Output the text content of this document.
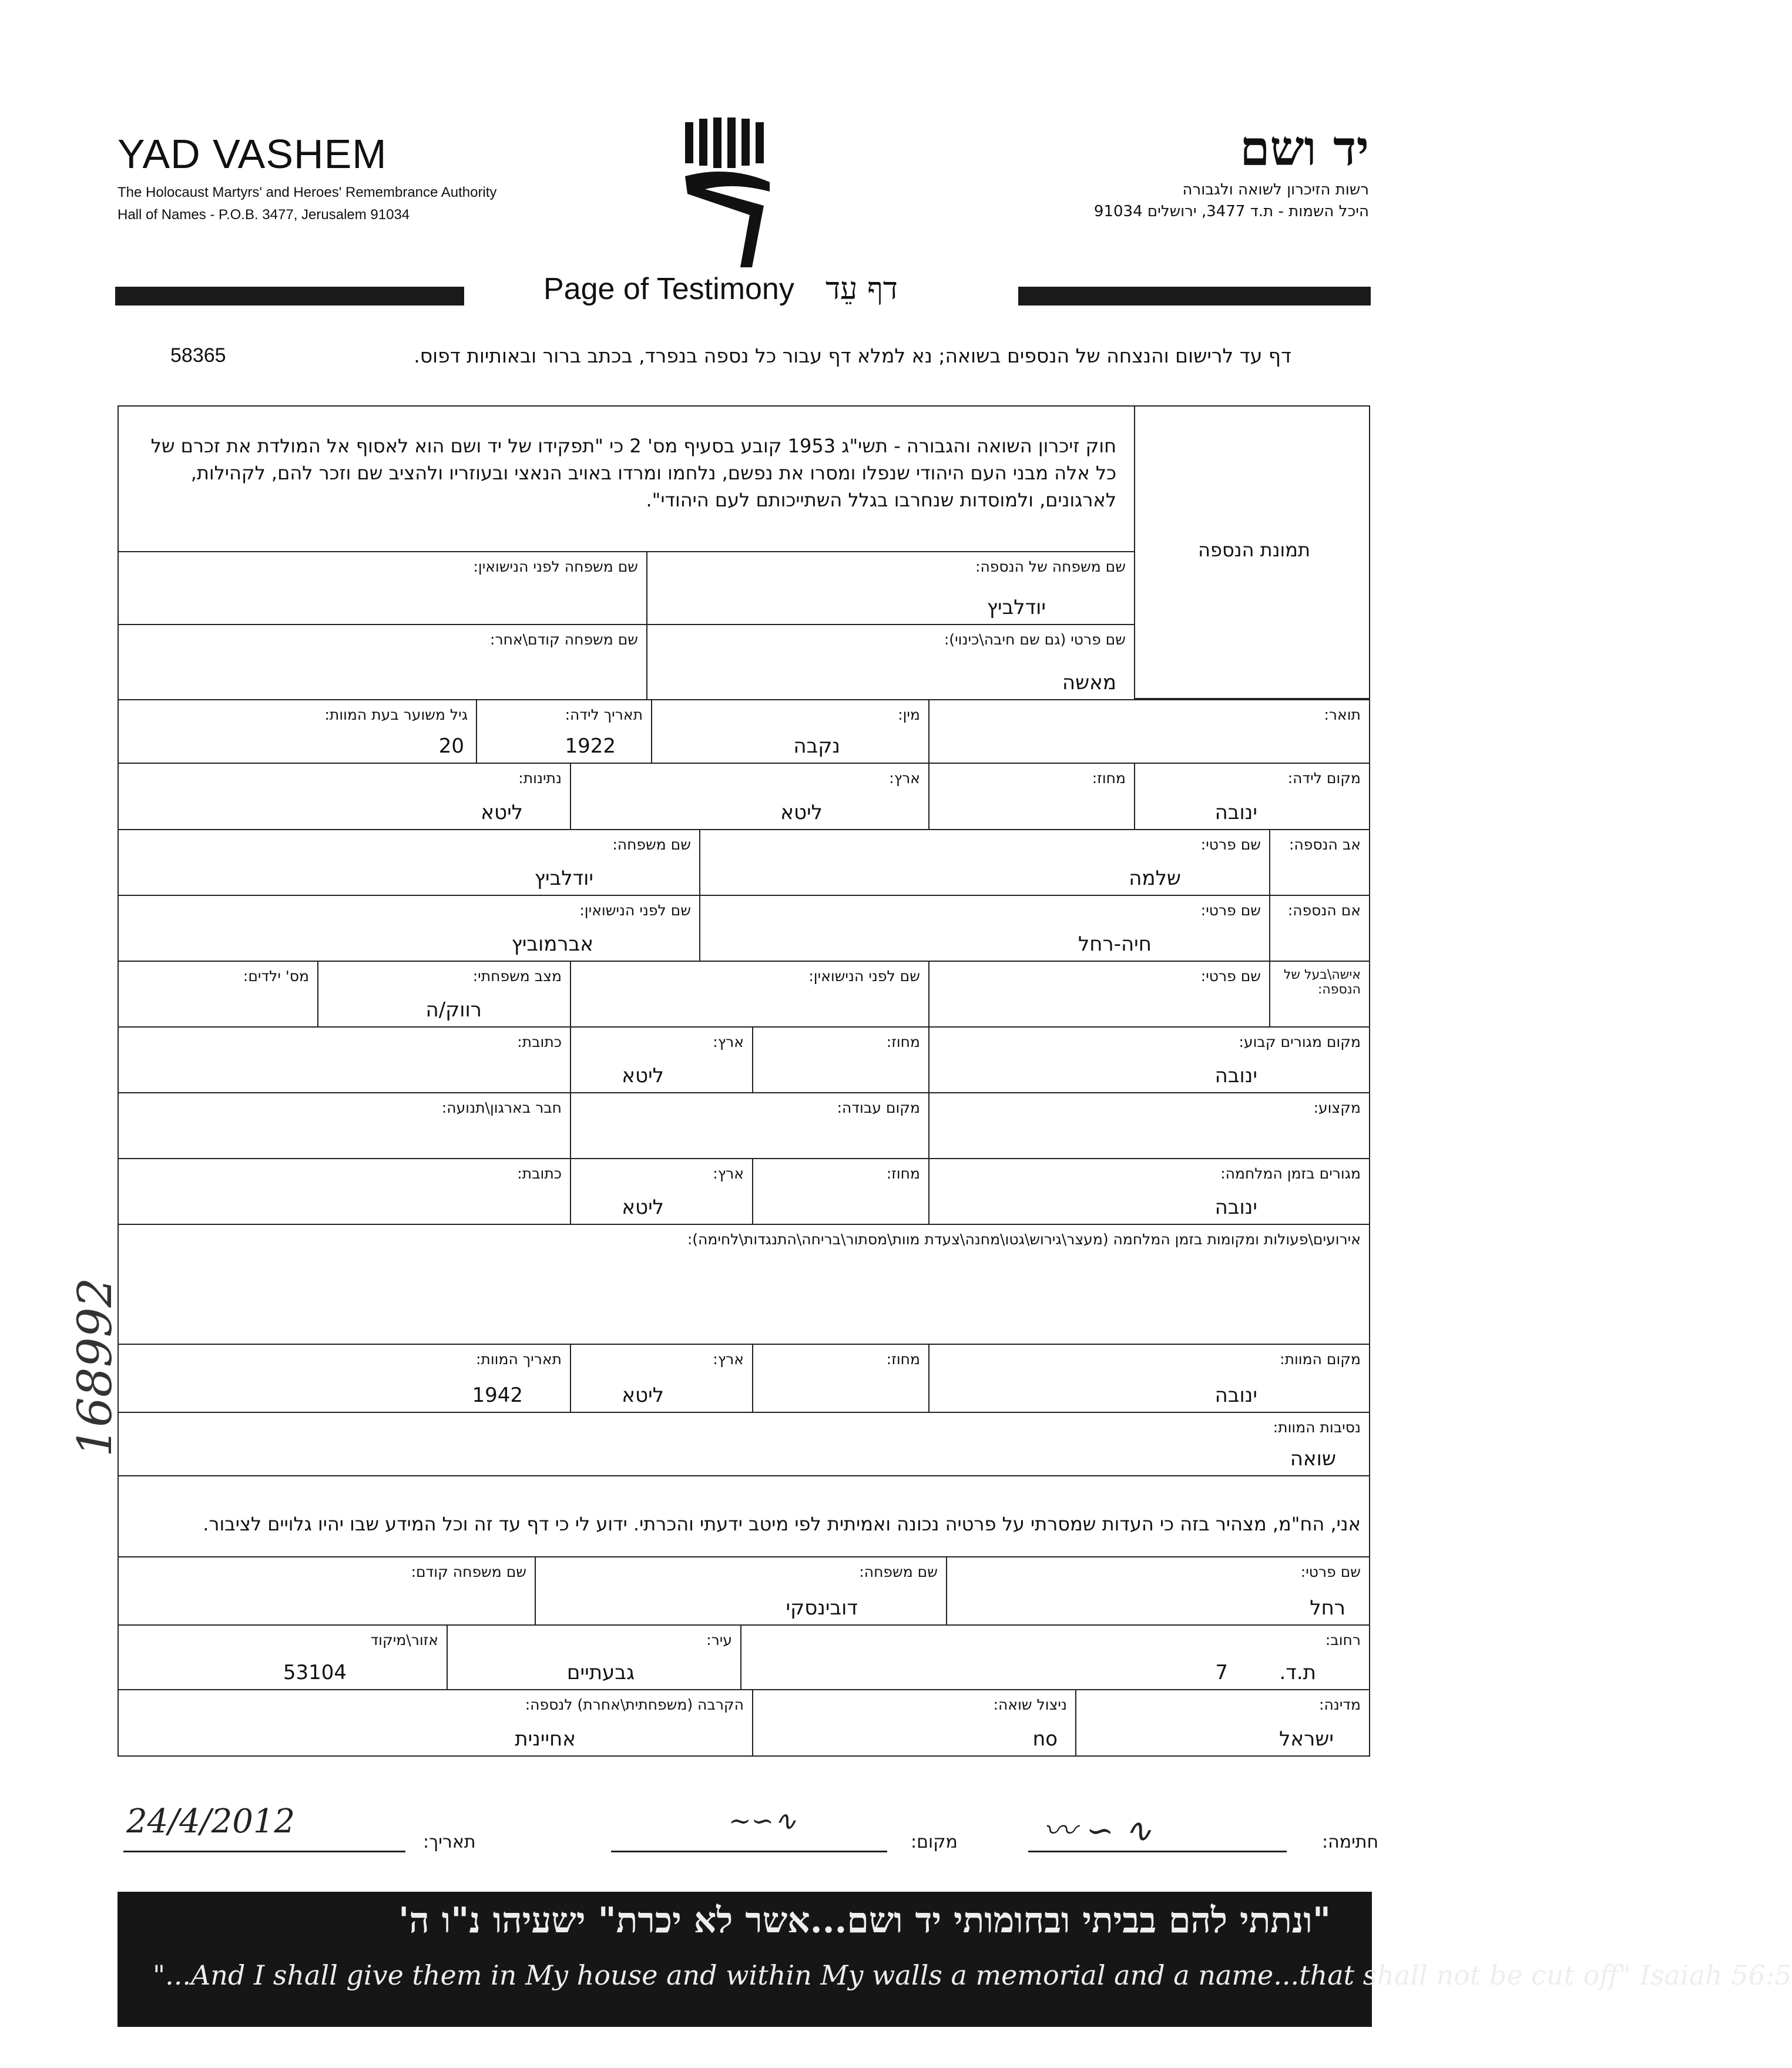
YAD VASHEM
The Holocaust Martyrs' and Heroes' Remembrance Authority
Hall of Names - P.O.B. 3477, Jerusalem 91034
יד ושם
רשות הזיכרון לשואה ולגבורה
היכל השמות - ת.ד 3477, ירושלים 91034
Page of Testimony דף עֵד
דף עד לרישום והנצחה של הנספים בשואה; נא למלא דף עבור כל נספה בנפרד, בכתב ברור ובאותיות דפוס.
58365
חוק זיכרון השואה והגבורה - תשי"ג 1953 קובע בסעיף מס' 2 כי "תפקידו של יד ושם הוא לאסוף אל המולדת את זכרם של כל אלה מבני העם היהודי שנפלו ומסרו את נפשם, נלחמו ומרדו באויב הנאצי ובעוזריו ולהציב שם וזכר להם, לקהילות, לארגונים, ולמוסדות שנחרבו בגלל השתייכותם לעם היהודי".
תמונת הנספה
שם משפחה של הנספה:
יודלביץ
שם משפחה לפני הנישואין:
שם פרטי (גם שם חיבה\כינוי):
מאשה
שם משפחה קודם\אחר:
תואר:
מין:
נקבה
תאריך לידה:
1922
גיל משוער בעת המוות:
20
מקום לידה:
ינובה
מחוז:
ארץ:
ליטא
נתינות:
ליטא
אב הנספה:
שם פרטי:
שלמה
שם משפחה:
יודלביץ
אם הנספה:
שם פרטי:
חיה-רחל
שם לפני הנישואין:
אברמוביץ
אישה\בעל של הנספה:
שם פרטי:
שם לפני הנישואין:
מצב משפחתי:
רווק/ה
מס' ילדים:
מקום מגורים קבוע:
ינובה
מחוז:
ארץ:
ליטא
כתובת:
מקצוע:
מקום עבודה:
חבר בארגון\תנועה:
מגורים בזמן המלחמה:
ינובה
מחוז:
ארץ:
ליטא
כתובת:
אירועים\פעולות ומקומות בזמן המלחמה (מעצר\גירוש\גטו\מחנה\צעדת מוות\מסתור\בריחה\התנגדות\לחימה):
מקום המוות:
ינובה
מחוז:
ארץ:
ליטא
תאריך המוות:
1942
נסיבות המוות:
שואה
אני, הח"מ, מצהיר בזה כי העדות שמסרתי על פרטיה נכונה ואמיתית לפי מיטב ידעתי והכרתי. ידוע לי כי דף עד זה וכל המידע שבו יהיו גלויים לציבור.
שם פרטי:
רחל
שם משפחה:
דובינסקי
שם משפחה קודם:
רחוב:
ת.ד.
7
עיר:
גבעתיים
אזור\מיקוד
53104
מדינה:
ישראל
ניצול שואה:
no
הקרבה (משפחתית\אחרת) לנספה:
אחיינית
חתימה:
〰 ∽ ∿
מקום:
∼∽∿
תאריך:
24/4/2012
"ונתתי להם בביתי ובחומותי יד ושם...אשר לא יכרת" ישעיהו נ"ו ה'
"...And I shall give them in My house and within My walls a memorial and a name...that shall not be cut off" Isaiah 56:5
168992
